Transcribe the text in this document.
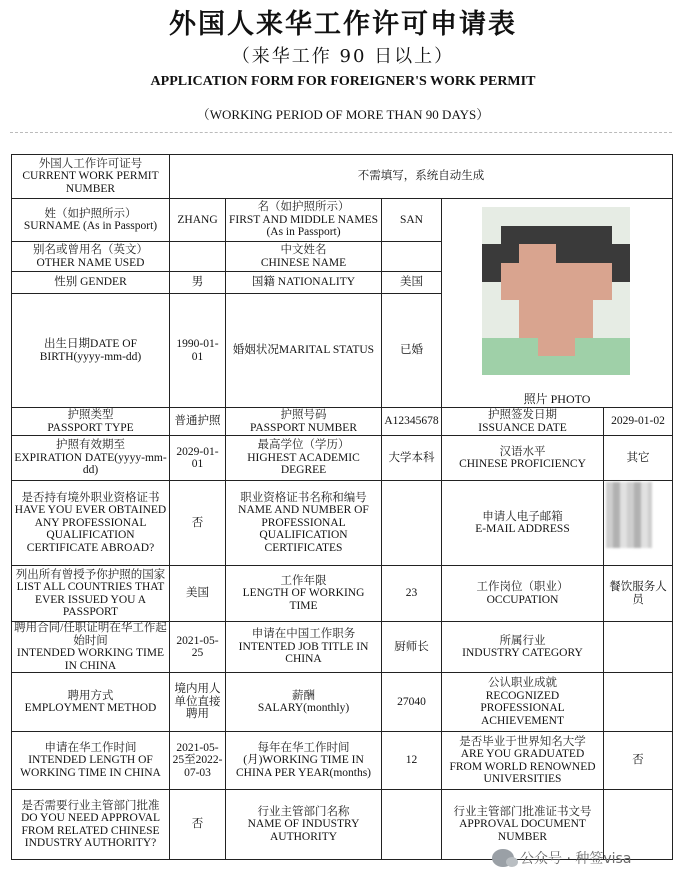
外国人来华工作许可申请表
（来华工作 90 日以上）
APPLICATION FORM FOR FOREIGNER'S WORK PERMIT
（WORKING PERIOD OF MORE THAN 90 DAYS）
外国人工作许可证号
CURRENT WORK PERMIT NUMBER	不需填写，系统自动生成				

姓（如护照所示）
SURNAME (As in Passport)	ZHANG	名（如护照所示）
FIRST AND MIDDLE NAMES (As in Passport)	SAN	照片 PHOTO	

别名或曾用名（英文）
OTHER NAME USED		中文姓名
CHINESE NAME			

性别 GENDER	男	国籍 NATIONALITY	美国		
出生日期DATE OF BIRTH(yyyy-mm-dd)	1990-01-01	婚姻状况MARITAL STATUS	已婚		

护照类型
PASSPORT TYPE	普通护照	护照号码
PASSPORT NUMBER	A12345678	护照签发日期
ISSUANCE DATE	2029-01-02

护照有效期至
EXPIRATION DATE(yyyy-mm-dd)	2029-01-01	最高学位（学历）
HIGHEST ACADEMIC DEGREE	大学本科	汉语水平
CHINESE PROFICIENCY	其它

是否持有境外职业资格证书
HAVE YOU EVER OBTAINED ANY PROFESSIONAL QUALIFICATION CERTIFICATE ABROAD?	否	职业资格证书名称和编号
NAME AND NUMBER OF PROFESSIONAL QUALIFICATION CERTIFICATES		申请人电子邮箱
E-MAIL ADDRESS	

列出所有曾授予你护照的国家
LIST ALL COUNTRIES THAT EVER ISSUED YOU A PASSPORT	美国	工作年限
LENGTH OF WORKING TIME	23	工作岗位（职业）
OCCUPATION	餐饮服务人员

聘用合同/任职证明在华工作起始时间
INTENDED WORKING TIME IN CHINA	2021-05-25	申请在中国工作职务
INTENTED JOB TITLE IN CHINA	厨师长	所属行业
INDUSTRY CATEGORY	

聘用方式
EMPLOYMENT METHOD	境内用人单位直接聘用	薪酬
SALARY(monthly)	27040	公认职业成就
RECOGNIZED PROFESSIONAL ACHIEVEMENT	

申请在华工作时间
INTENDED LENGTH OF WORKING TIME IN CHINA	2021-05-25至2022-07-03	每年在华工作时间
(月)WORKING TIME IN CHINA PER YEAR(months)	12	是否毕业于世界知名大学
ARE YOU GRADUATED FROM WORLD RENOWNED UNIVERSITIES	否

是否需要行业主管部门批准
DO YOU NEED APPROVAL FROM RELATED CHINESE INDUSTRY AUTHORITY?	否	行业主管部门名称
NAME OF INDUSTRY AUTHORITY		行业主管部门批准证书文号
APPROVAL DOCUMENT NUMBER	

公众号 · 种签visa
